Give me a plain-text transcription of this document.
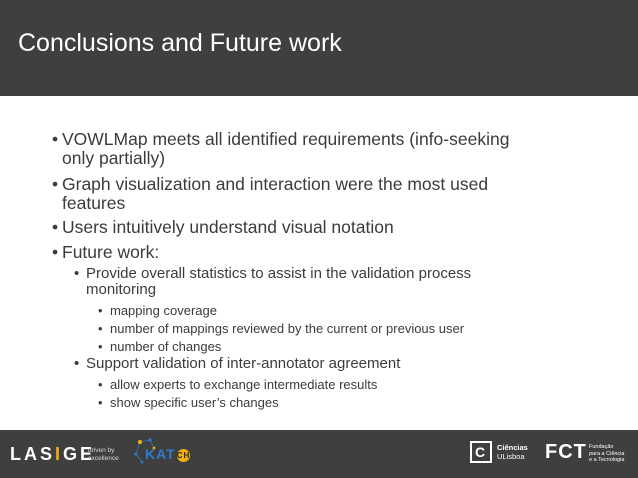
Conclusions and Future work
• VOWLMap meets all identified requirements (info-seeking
only partially)
• Graph visualization and interaction were the most used
features
• Users intuitively understand visual notation
• Future work:
• Provide overall statistics to assist in the validation process
monitoring
• mapping coverage
• number of mappings reviewed by the current or previous user
• number of changes
• Support validation of inter-annotator agreement
• allow experts to exchange intermediate results
• show specific user’s changes
LASIGE
driven by
excellence KATCH	C Ciências
ULisboa FCT Fundação
para a Ciência
e a Tecnologia
